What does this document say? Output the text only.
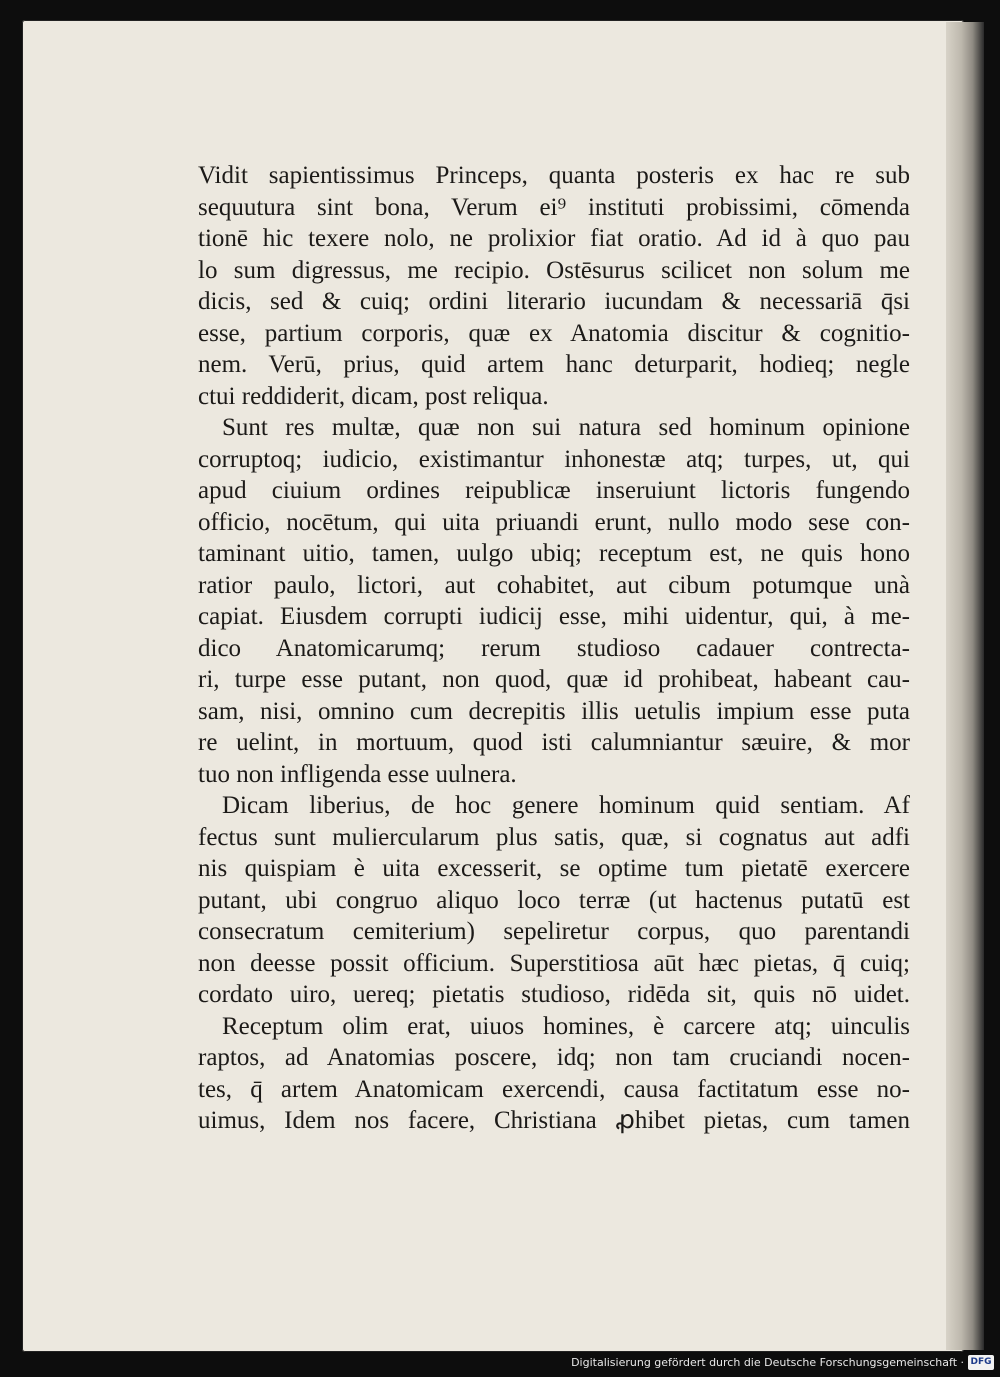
Vidit sapientissimus Princeps, quanta posteris ex hac re sub
sequutura sint bona, Verum ei⁹ instituti probissimi, cōmenda
tionē hic texere nolo, ne prolixior fiat oratio. Ad id à quo pau
lo sum digressus, me recipio. Ostēsurus scilicet non solum me
dicis, sed & cuiq; ordini literario iucundam & necessariā q̄si
esse, partium corporis, quæ ex Anatomia discitur & cognitio-
nem. Verū, prius, quid artem hanc deturparit, hodieq; negle
ctui reddiderit, dicam, post reliqua.
Sunt res multæ, quæ non sui natura sed hominum opinione
corruptoq; iudicio, existimantur inhonestæ atq; turpes, ut, qui
apud ciuium ordines reipublicæ inseruiunt lictoris fungendo
officio, nocētum, qui uita priuandi erunt, nullo modo sese con-
taminant uitio, tamen, uulgo ubiq; receptum est, ne quis hono
ratior paulo, lictori, aut cohabitet, aut cibum potumque unà
capiat. Eiusdem corrupti iudicij esse, mihi uidentur, qui, à me-
dico Anatomicarumq; rerum studioso cadauer contrecta-
ri, turpe esse putant, non quod, quæ id prohibeat, habeant cau-
sam, nisi, omnino cum decrepitis illis uetulis impium esse puta
re uelint, in mortuum, quod isti calumniantur sæuire, & mor
tuo non infligenda esse uulnera.
Dicam liberius, de hoc genere hominum quid sentiam. Af
fectus sunt muliercularum plus satis, quæ, si cognatus aut adfi
nis quispiam è uita excesserit, se optime tum pietatē exercere
putant, ubi congruo aliquo loco terræ (ut hactenus putatū est
consecratum cemiterium) sepeliretur corpus, quo parentandi
non deesse possit officium. Superstitiosa aūt hæc pietas, q̄ cuiq;
cordato uiro, uereq; pietatis studioso, ridēda sit, quis nō uidet.
Receptum olim erat, uiuos homines, è carcere atq; uinculis
raptos, ad Anatomias poscere, idq; non tam cruciandi nocen-
tes, q̄ artem Anatomicam exercendi, causa factitatum esse no-
uimus, Idem nos facere, Christiana ꝓhibet pietas, cum tamen
Digitalisierung gefördert durch die Deutsche Forschungsgemeinschaft · DFG
